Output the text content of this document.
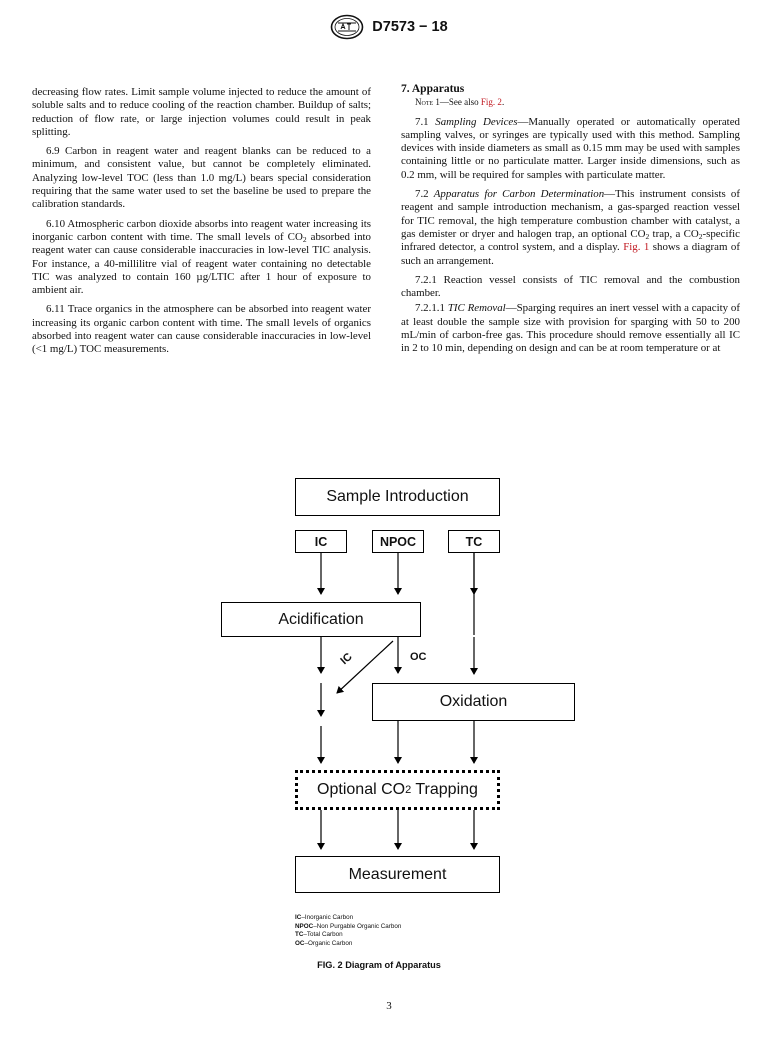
D7573 − 18

decreasing flow rates. Limit sample volume injected to reduce the amount of soluble salts and to reduce cooling of the reaction chamber. Buildup of salts; reduction of flow rate, or large injection volumes could result in peak splitting.

6.9 Carbon in reagent water and reagent blanks can be reduced to a minimum, and consistent value, but cannot be completely eliminated. Analyzing low-level TOC (less than 1.0 mg/L) bears special consideration requiring that the same water used to set the baseline be used to prepare the calibration standards.

6.10 Atmospheric carbon dioxide absorbs into reagent water increasing its inorganic carbon content with time. The small levels of $CO_2$ absorbed into reagent water can cause considerable inaccuracies in low-level TIC analysis. For instance, a 40-millilitre vial of reagent water containing no detectable TIC was analyzed to contain 160 µg/LTIC after 1 hour of exposure to ambient air.

6.11 Trace organics in the atmosphere can be absorbed into reagent water increasing its organic carbon content with time. The small levels of organics absorbed into reagent water can cause considerable inaccuracies in low-level (<1 mg/L) TOC measurements.

7. Apparatus
Note 1—See also Fig. 2.

7.1 Sampling Devices—Manually operated or automatically operated sampling valves, or syringes are typically used with this method. Sampling devices with inside diameters as small as 0.15 mm may be used with samples containing little or no particulate matter. Larger inside dimensions, such as 0.2 mm, will be required for samples with particulate matter.

7.2 Apparatus for Carbon Determination—This instrument consists of reagent and sample introduction mechanism, a gas-sparged reaction vessel for TIC removal, the high temperature combustion chamber with catalyst, a gas demister or dryer and halogen trap, an optional $CO_2$ trap, a $CO_2$-specific infrared detector, a control system, and a display. Fig. 1 shows a diagram of such an arrangement.

7.2.1 Reaction vessel consists of TIC removal and the combustion chamber.

7.2.1.1 TIC Removal—Sparging requires an inert vessel with a capacity of at least double the sample size with provision for sparging with 50 to 200 mL/min of carbon-free gas. This procedure should remove essentially all IC in 2 to 10 min, depending on design and can be at room temperature or at

Sample Introduction
IC	NPOC	TC
Acidification
IC	OC
Oxidation
Optional CO 2 Trapping
Measurement
IC–Inorganic Carbon
NPOC–Non Purgable Organic Carbon
TC–Total Carbon
OC–Organic Carbon
FIG. 2 Diagram of Apparatus
3
